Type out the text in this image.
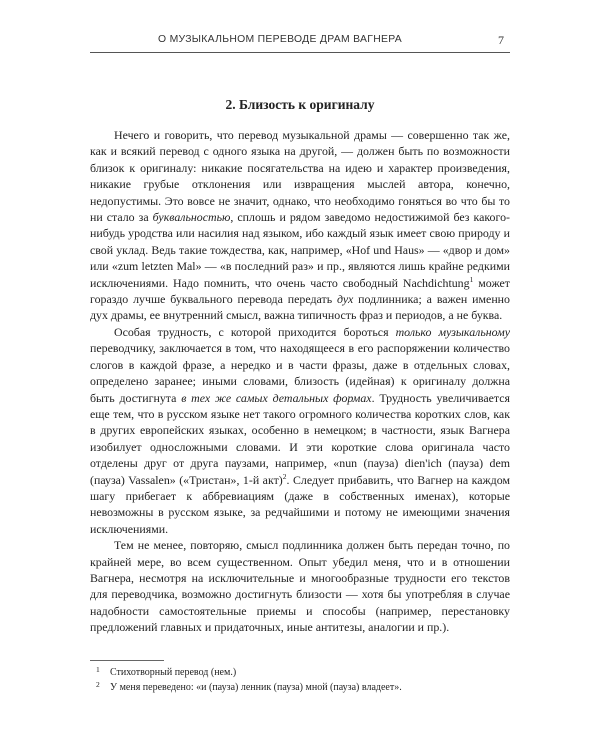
О МУЗЫКАЛЬНОМ ПЕРЕВОДЕ ДРАМ ВАГНЕРА	7
2. Близость к оригиналу

Нечего и говорить, что перевод музыкальной драмы — совершенно так же, как и всякий перевод с одного языка на другой, — должен быть по возможности близок к оригиналу: никакие посягательства на идею и характер произведения, никакие грубые отклонения или извращения мыслей автора, конечно, недопустимы. Это вовсе не значит, однако, что необходимо гоняться во что бы то ни стало за буквальностью, сплошь и рядом заведомо недостижимой без какого-нибудь уродства или насилия над языком, ибо каждый язык имеет свою природу и свой уклад. Ведь такие тождества, как, например, «Hof und Haus» — «двор и дом» или «zum letzten Mal» — «в последний раз» и пр., являются лишь крайне редкими исключениями. Надо помнить, что очень часто свободный Nachdichtung$^1$ может гораздо лучше буквального перевода передать дух подлинника; а важен именно дух драмы, ее внутренний смысл, важна типичность фраз и периодов, а не буква.

Особая трудность, с которой приходится бороться только музыкальному переводчику, заключается в том, что находящееся в его распоряжении количество слогов в каждой фразе, а нередко и в части фразы, даже в отдельных словах, определено заранее; иными словами, близость (идейная) к оригиналу должна быть достигнута в тех же самых детальных формах. Трудность увеличивается еще тем, что в русском языке нет такого огромного количества коротких слов, как в других европейских языках, особенно в немецком; в частности, язык Вагнера изобилует односложными словами. И эти короткие слова оригинала часто отделены друг от друга паузами, например, «nun (пауза) dien'ich (пауза) dem (пауза) Vassalen» («Тристан», 1-й акт)$^2$. Следует прибавить, что Вагнер на каждом шагу прибегает к аббревиациям (даже в собственных именах), которые невозможны в русском языке, за редчайшими и потому не имеющими значения исключениями.

Тем не менее, повторяю, смысл подлинника должен быть передан точно, по крайней мере, во всем существенном. Опыт убедил меня, что и в отношении Вагнера, несмотря на исключительные и многообразные трудности его текстов для переводчика, возможно достигнуть близости — хотя бы употребляя в случае надобности самостоятельные приемы и способы (например, перестановку предложений главных и придаточных, иные антитезы, аналогии и пр.).

1 Стихотворный перевод (нем.)
2 У меня переведено: «и (пауза) ленник (пауза) мной (пауза) владеет».
